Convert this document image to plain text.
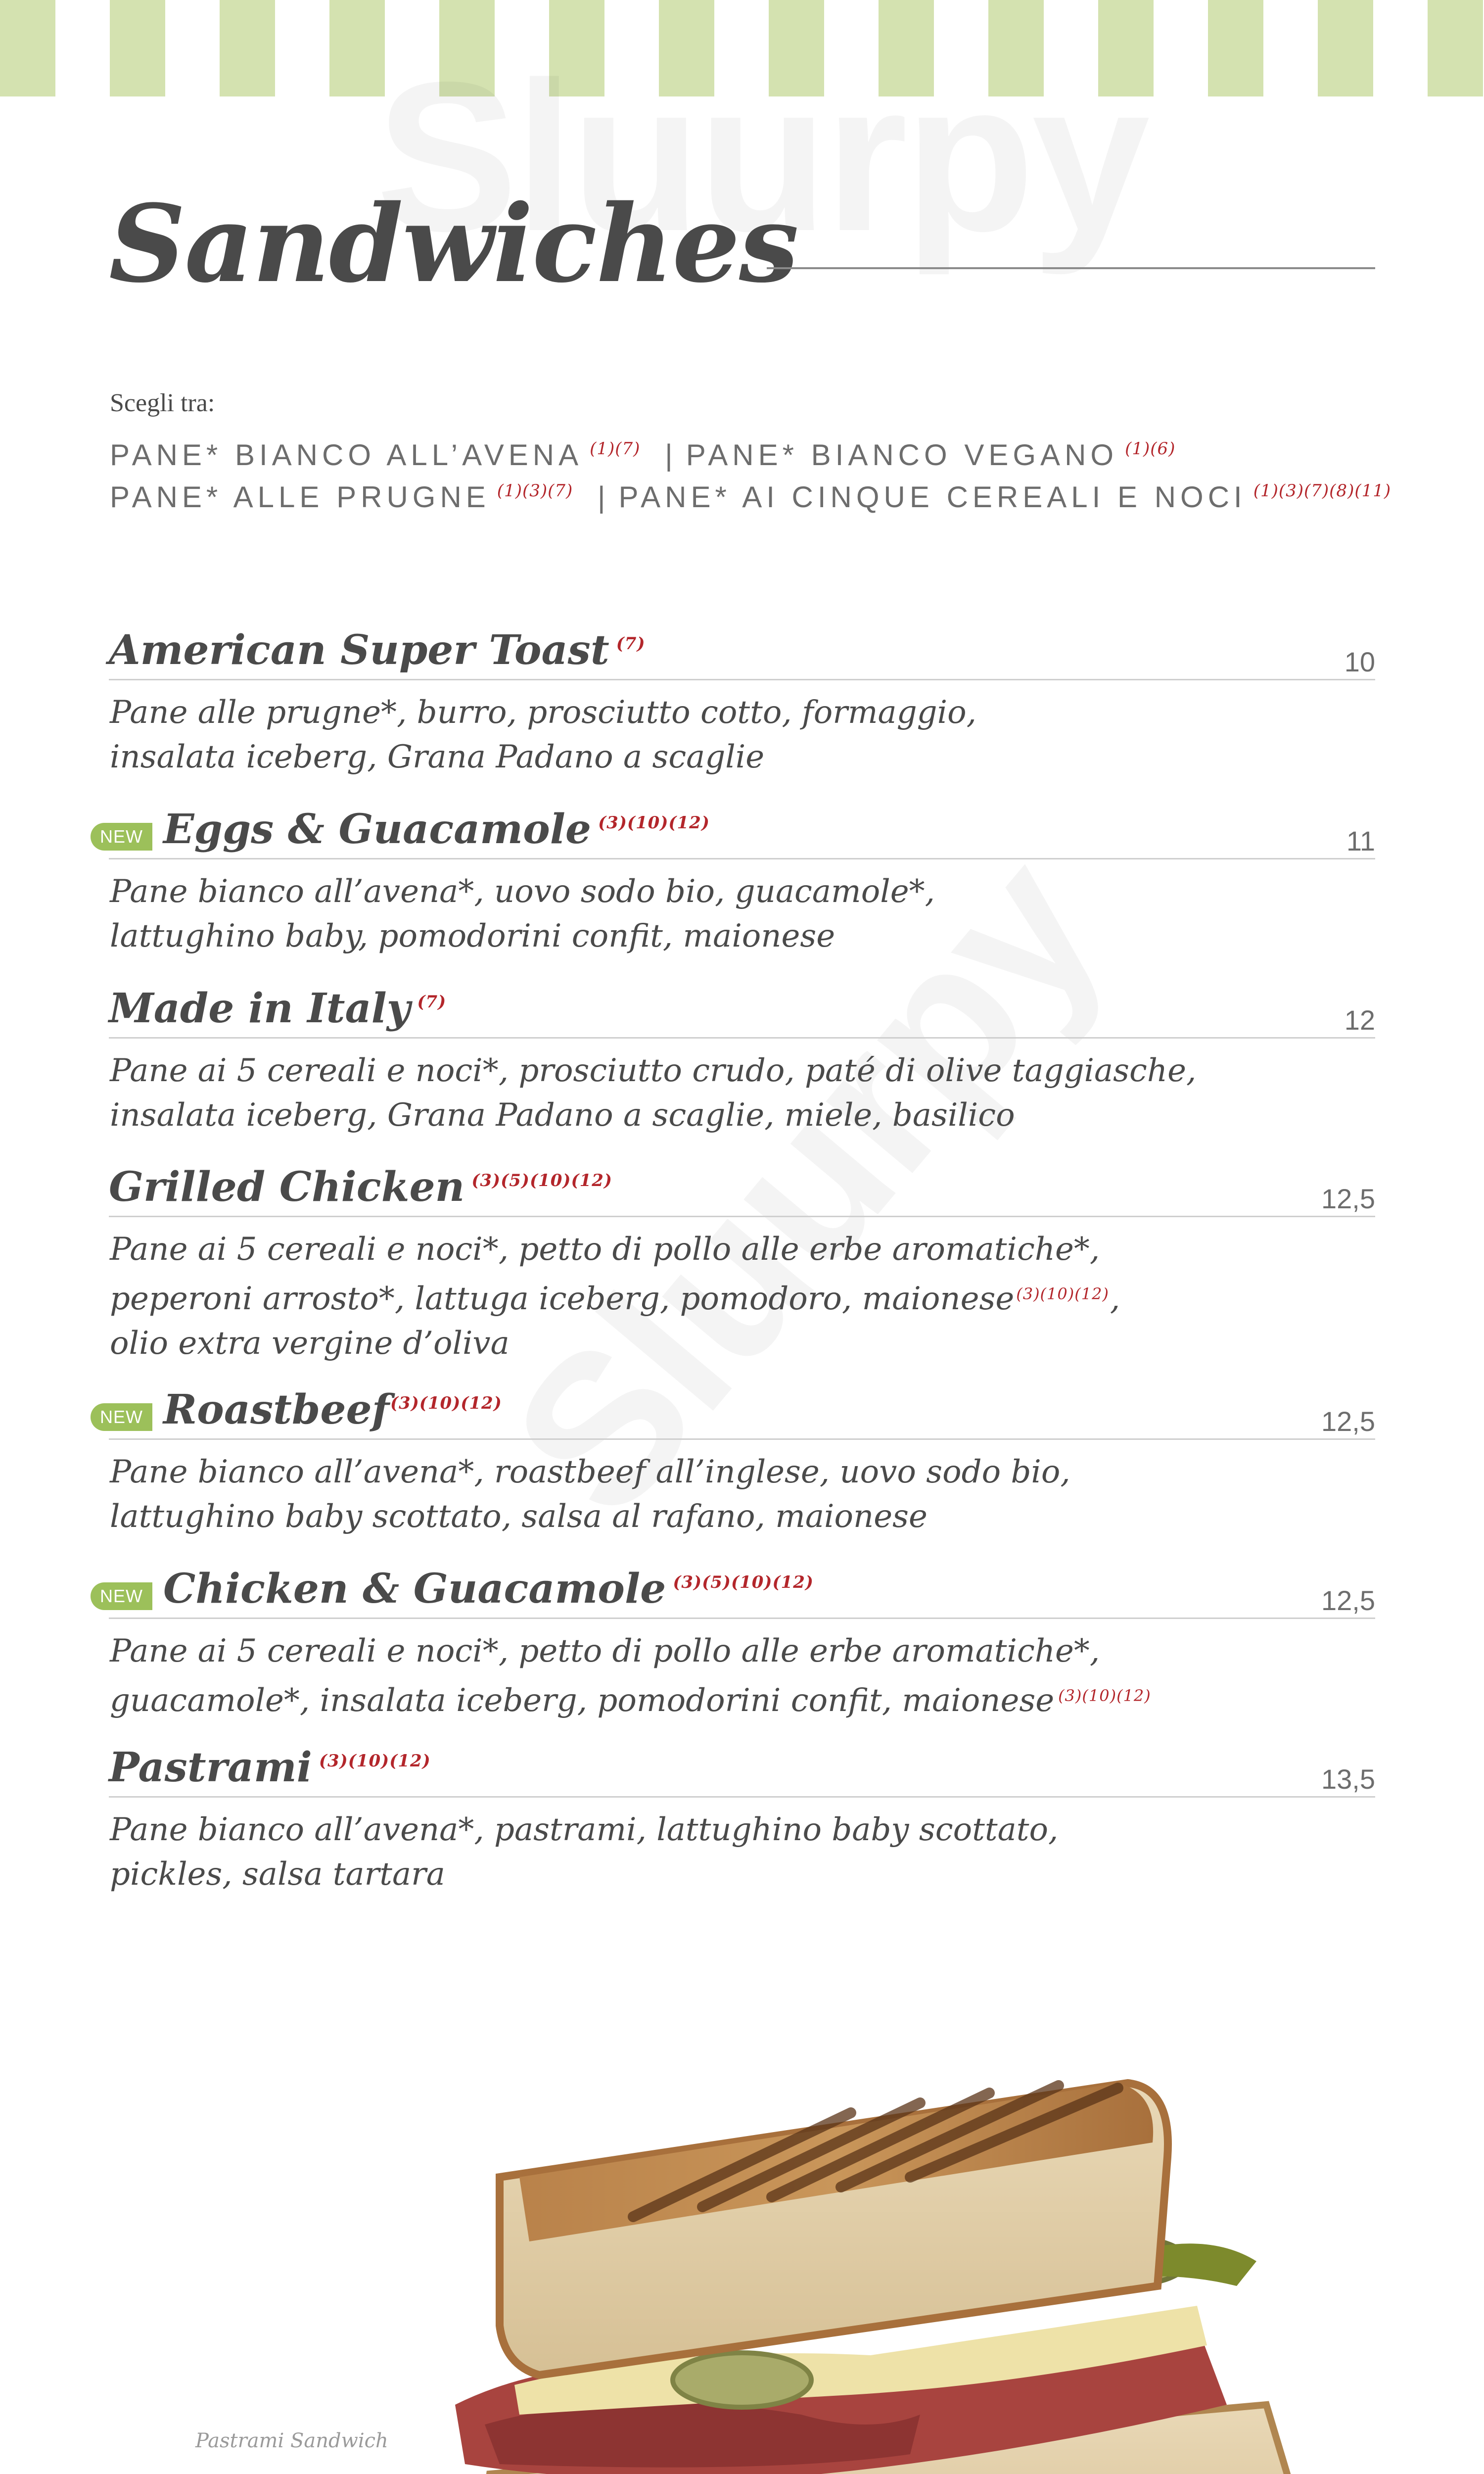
Sandwiches
Scegli tra:
PANE* BIANCO ALL’AVENA $^{(1)(7)}$ | PANE* BIANCO VEGANO $^{(1)(6)}$
PANE* ALLE PRUGNE $^{(1)(3)(7)}$ | PANE* AI CINQUE CEREALI E NOCI $^{(1)(3)(7)(8)(11)}$
American Super Toast $^{(7)}$
10
Pane alle prugne*, burro, prosciutto cotto, formaggio,
insalata iceberg, Grana Padano a scaglie
NEW Eggs & Guacamole $^{(3)(10)(12)}$
11
Pane bianco all’avena*, uovo sodo bio, guacamole*,
lattughino baby, pomodorini confit, maionese
Made in Italy $^{(7)}$
12
Pane ai 5 cereali e noci*, prosciutto crudo, paté di olive taggiasche,
insalata iceberg, Grana Padano a scaglie, miele, basilico
Grilled Chicken $^{(3)(5)(10)(12)}$
12,5
Pane ai 5 cereali e noci*, petto di pollo alle erbe aromatiche*,
peperoni arrosto*, lattuga iceberg, pomodoro, maionese $^{(3)(10)(12)}$,
olio extra vergine d’oliva
NEW Roastbeef$^{(3)(10)(12)}$
12,5
Pane bianco all’avena*, roastbeef all’inglese, uovo sodo bio,
lattughino baby scottato, salsa al rafano, maionese
NEW Chicken & Guacamole $^{(3)(5)(10)(12)}$
12,5
Pane ai 5 cereali e noci*, petto di pollo alle erbe aromatiche*,
guacamole*, insalata iceberg, pomodorini confit, maionese $^{(3)(10)(12)}$
Pastrami $^{(3)(10)(12)}$
13,5
Pane bianco all’avena*, pastrami, lattughino baby scottato,
pickles, salsa tartara
Pastrami Sandwich
